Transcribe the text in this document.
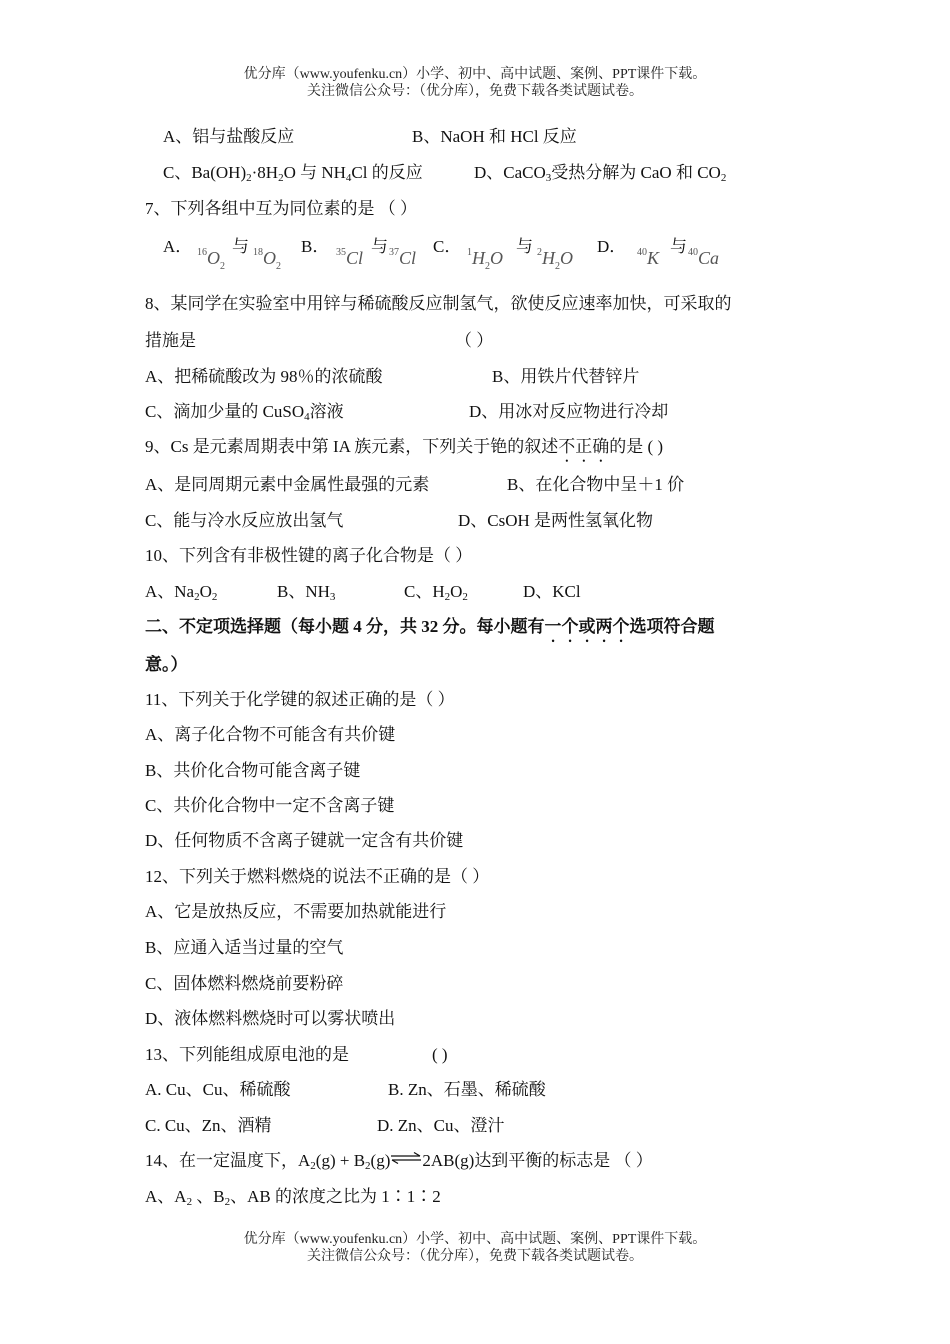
优分库（www.youfenku.cn）小学、初中、高中试题、案例、PPT课件下载。
关注微信公众号：（优分库），免费下载各类试题试卷。
A、铝与盐酸反应	B、NaOH 和 HCl 反应
C、$Ba(OH)_2\cdot 8H_2O$ 与 $NH_4Cl$ 的反应	D、CaCO$_3$受热分解为 CaO 和 $CO_2$
7、下列各组中互为同位素的是 （ ）
A． $^{16}O_2$
与 $^{18}O_2$
B． $^{35}$Cl
与 $^{37}$Cl
C． $^1H_2O$
与 $^2H_2O$
D． $^{40}$K
与 $^{40}$Ca
8、某同学在实验室中用锌与稀硫酸反应制氢气，欲使反应速率加快，可采取的
措施是	（ ）
A、把稀硫酸改为 98％的浓硫酸	B、用铁片代替锌片
C、滴加少量的 CuSO$_4$溶液	D、用冰对反应物进行冷却
9、Cs 是元素周期表中第 IA 族元素，下列关于铯的叙述不正确的是 ( )
A、是同周期元素中金属性最强的元素	B、在化合物中呈＋1 价
C、能与冷水反应放出氢气	D、CsOH 是两性氢氧化物
10、下列含有非极性键的离子化合物是（ ）
A、$Na_2O_2$	B、$NH_3$	C、$H_2O_2$	D、KCl
二、不定项选择题（每小题 4 分，共 32 分。每小题有一个或两个选项符合题
意。）
11、下列关于化学键的叙述正确的是（ ）
A、离子化合物不可能含有共价键
B、共价化合物可能含离子键
C、共价化合物中一定不含离子键
D、任何物质不含离子键就一定含有共价键
12、下列关于燃料燃烧的说法不正确的是（ ）
A、它是放热反应，不需要加热就能进行
B、应通入适当过量的空气
C、固体燃料燃烧前要粉碎
D、液体燃料燃烧时可以雾状喷出
13、下列能组成原电池的是	( )
A. Cu、Cu、稀硫酸	B. Zn、石墨、稀硫酸
C. Cu、Zn、酒精	D. Zn、Cu、澄汁
14、在一定温度下，$A_2(g)$ + $B_2(g)\rightleftharpoons 2AB(g)$达到平衡的标志是 （ ）
A、$A_2$ 、$B_2$、AB 的浓度之比为 1∶1∶2
优分库（www.youfenku.cn）小学、初中、高中试题、案例、PPT课件下载。
关注微信公众号：（优分库），免费下载各类试题试卷。
